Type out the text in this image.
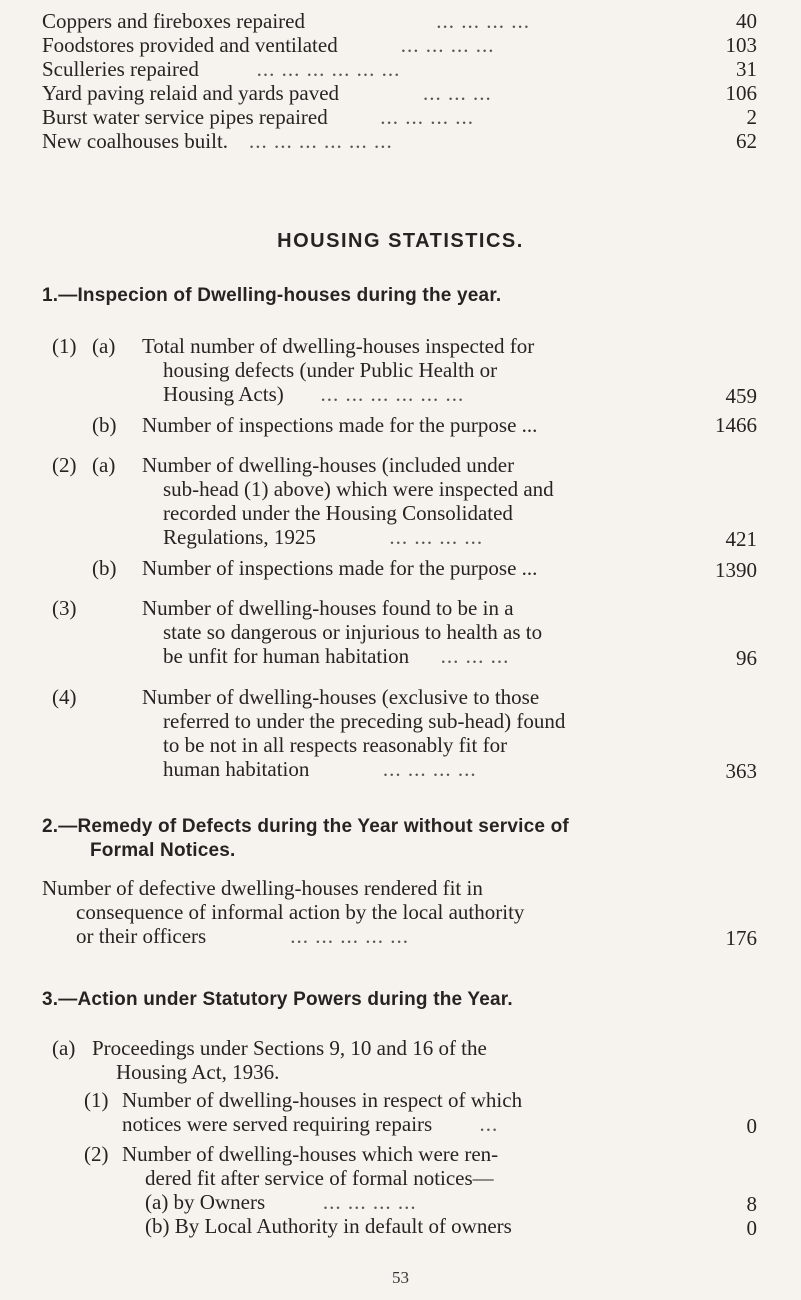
Coppers and fireboxes repaired	... ... ... ...	40
Foodstores provided and ventilated	... ... ... ...	103
Sculleries repaired	... ... ... ... ... ...	31
Yard paving relaid and yards paved	... ... ...	106
Burst water service pipes repaired	... ... ... ...	2
New coalhouses built. ... ... ... ... ... ...	62
HOUSING STATISTICS.
1.—Inspecion of Dwelling-houses during the year.
(1) (a) Total number of dwelling-houses inspected for
housing defects (under Public Health or
Housing Acts) ... ... ... ... ... ...	459
(b) Number of inspections made for the purpose ...	1466
(2) (a) Number of dwelling-houses (included under
sub-head (1) above) which were inspected and
recorded under the Housing Consolidated
Regulations, 1925	... ... ... ...	421
(b) Number of inspections made for the purpose ...	1390
(3)	Number of dwelling-houses found to be in a
state so dangerous or injurious to health as to
be unfit for human habitation ... ... ...	96
(4)	Number of dwelling-houses (exclusive to those
referred to under the preceding sub-head) found
to be not in all respects reasonably fit for
human habitation	... ... ... ...	363
2.—Remedy of Defects during the Year without service of
Formal Notices.
Number of defective dwelling-houses rendered fit in
consequence of informal action by the local authority
or their officers	... ... ... ... ...	176
3.—Action under Statutory Powers during the Year.
(a) Proceedings under Sections 9, 10 and 16 of the
Housing Act, 1936.
(1) Number of dwelling-houses in respect of which
notices were served requiring repairs ...	0
(2) Number of dwelling-houses which were ren-
dered fit after service of formal notices—
(a) by Owners	... ... ... ...	8
(b) By Local Authority in default of owners	0
53
